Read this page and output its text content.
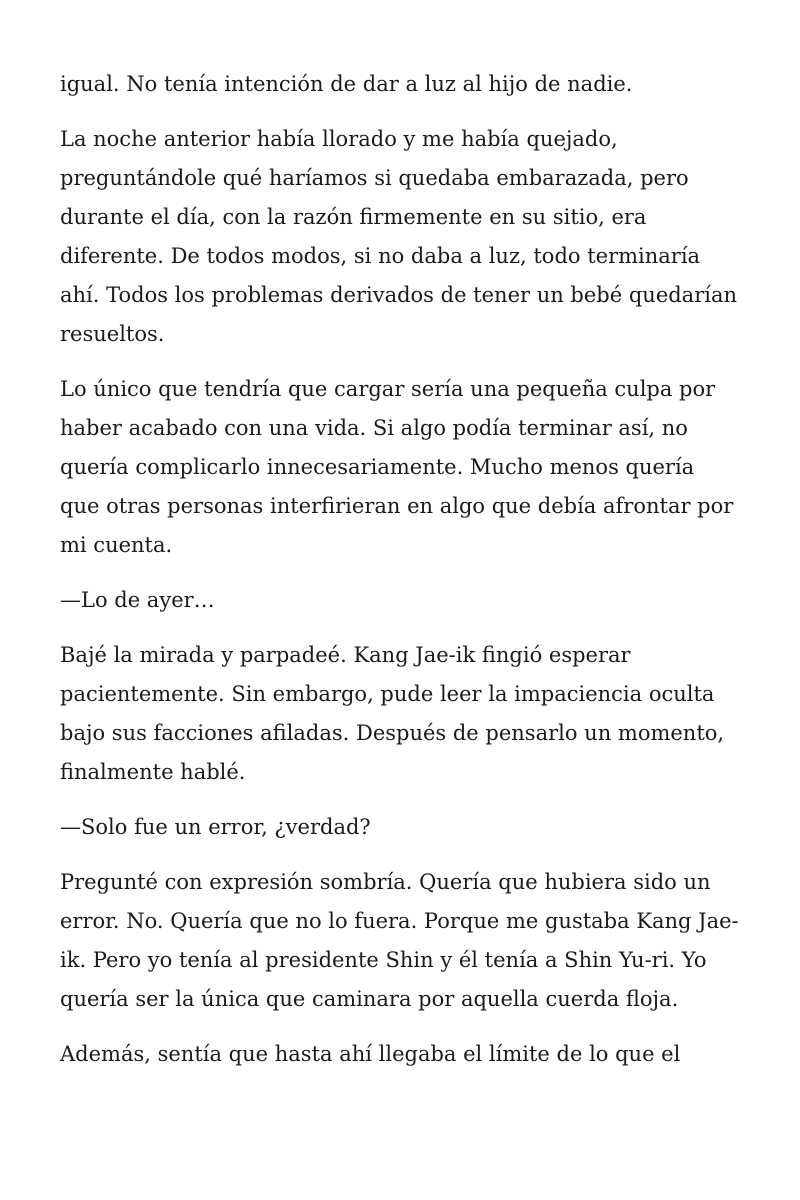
igual. No tenía intención de dar a luz al hijo de nadie.

La noche anterior había llorado y me había quejado, preguntándole qué haríamos si quedaba embarazada, pero durante el día, con la razón firmemente en su sitio, era diferente. De todos modos, si no daba a luz, todo terminaría ahí. Todos los problemas derivados de tener un bebé quedarían resueltos.

Lo único que tendría que cargar sería una pequeña culpa por haber acabado con una vida. Si algo podía terminar así, no quería complicarlo innecesariamente. Mucho menos quería que otras personas interfirieran en algo que debía afrontar por mi cuenta.

—Lo de ayer…

Bajé la mirada y parpadeé. Kang Jae-ik fingió esperar pacientemente. Sin embargo, pude leer la impaciencia oculta bajo sus facciones afiladas. Después de pensarlo un momento, finalmente hablé.

—Solo fue un error, ¿verdad?

Pregunté con expresión sombría. Quería que hubiera sido un error. No. Quería que no lo fuera. Porque me gustaba Kang Jae-ik. Pero yo tenía al presidente Shin y él tenía a Shin Yu-ri. Yo quería ser la única que caminara por aquella cuerda floja.

Además, sentía que hasta ahí llegaba el límite de lo que el
